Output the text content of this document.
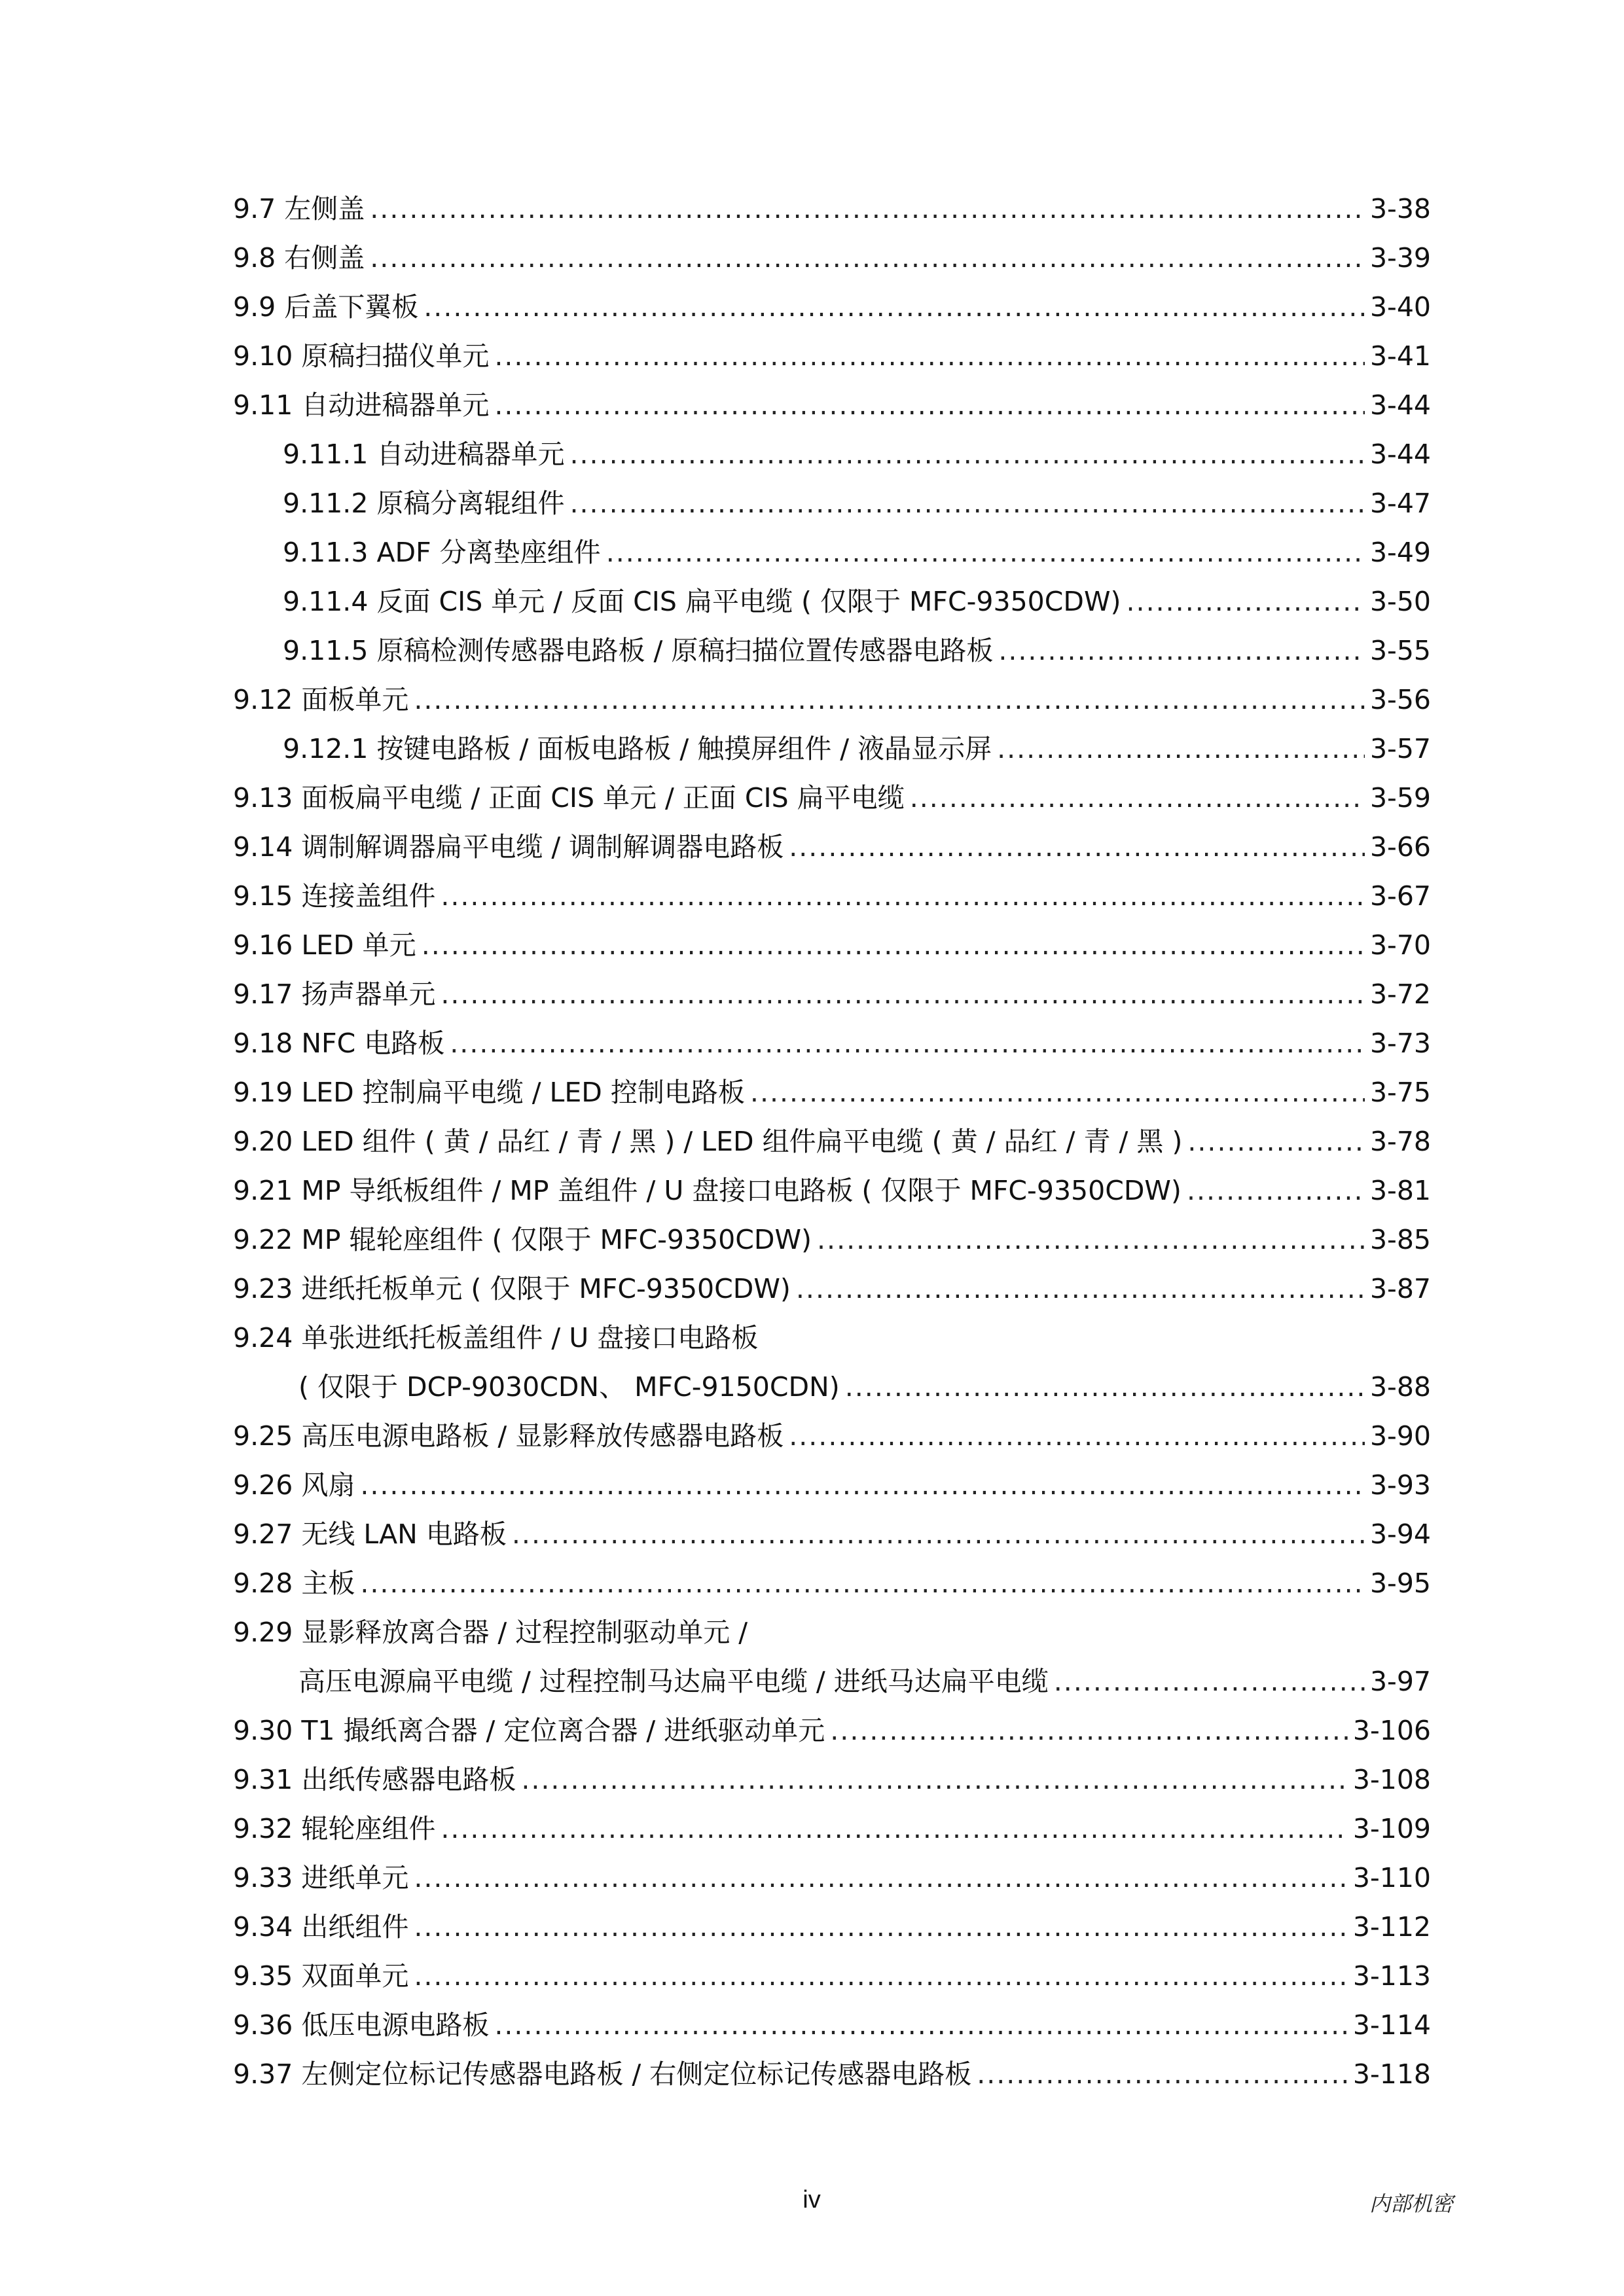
9.7 左侧盖 .....	3-38
9.8 右侧盖 .....	3-39
9.9 后盖下翼板 .....	3-40
9.10 原稿扫描仪单元 .....	3-41
9.11 自动进稿器单元 .....	3-44
9.11.1 自动进稿器单元 .....	3-44
9.11.2 原稿分离辊组件 .....	3-47
9.11.3 ADF 分离垫座组件 .....	3-49
9.11.4 反面 CIS 单元 / 反面 CIS 扁平电缆 ( 仅限于 MFC-9350CDW) .....	3-50
9.11.5 原稿检测传感器电路板 / 原稿扫描位置传感器电路板 .....	3-55
9.12 面板单元 .....	3-56
9.12.1 按键电路板 / 面板电路板 / 触摸屏组件 / 液晶显示屏 .....	3-57
9.13 面板扁平电缆 / 正面 CIS 单元 / 正面 CIS 扁平电缆 .....	3-59
9.14 调制解调器扁平电缆 / 调制解调器电路板 .....	3-66
9.15 连接盖组件 .....	3-67
9.16 LED 单元 .....	3-70
9.17 扬声器单元 .....	3-72
9.18 NFC 电路板 .....	3-73
9.19 LED 控制扁平电缆 / LED 控制电路板 .....	3-75
9.20 LED 组件 ( 黄 / 品红 / 青 / 黑 ) / LED 组件扁平电缆 ( 黄 / 品红 / 青 / 黑 ) .....	3-78
9.21 MP 导纸板组件 / MP 盖组件 / U 盘接口电路板 ( 仅限于 MFC-9350CDW) .....	3-81
9.22 MP 辊轮座组件 ( 仅限于 MFC-9350CDW) .....	3-85
9.23 进纸托板单元 ( 仅限于 MFC-9350CDW) .....	3-87
9.24 单张进纸托板盖组件 / U 盘接口电路板
( 仅限于 DCP-9030CDN、 MFC-9150CDN) .....	3-88
9.25 高压电源电路板 / 显影释放传感器电路板 .....	3-90
9.26 风扇 .....	3-93
9.27 无线 LAN 电路板 .....	3-94
9.28 主板 .....	3-95
9.29 显影释放离合器 / 过程控制驱动单元 /
高压电源扁平电缆 / 过程控制马达扁平电缆 / 进纸马达扁平电缆 .....	3-97
9.30 T1 撮纸离合器 / 定位离合器 / 进纸驱动单元 .....	3-106
9.31 出纸传感器电路板 .....	3-108
9.32 辊轮座组件 .....	3-109
9.33 进纸单元 .....	3-110
9.34 出纸组件 .....	3-112
9.35 双面单元 .....	3-113
9.36 低压电源电路板 .....	3-114
9.37 左侧定位标记传感器电路板 / 右侧定位标记传感器电路板 .....	3-118
iv	内部机密
